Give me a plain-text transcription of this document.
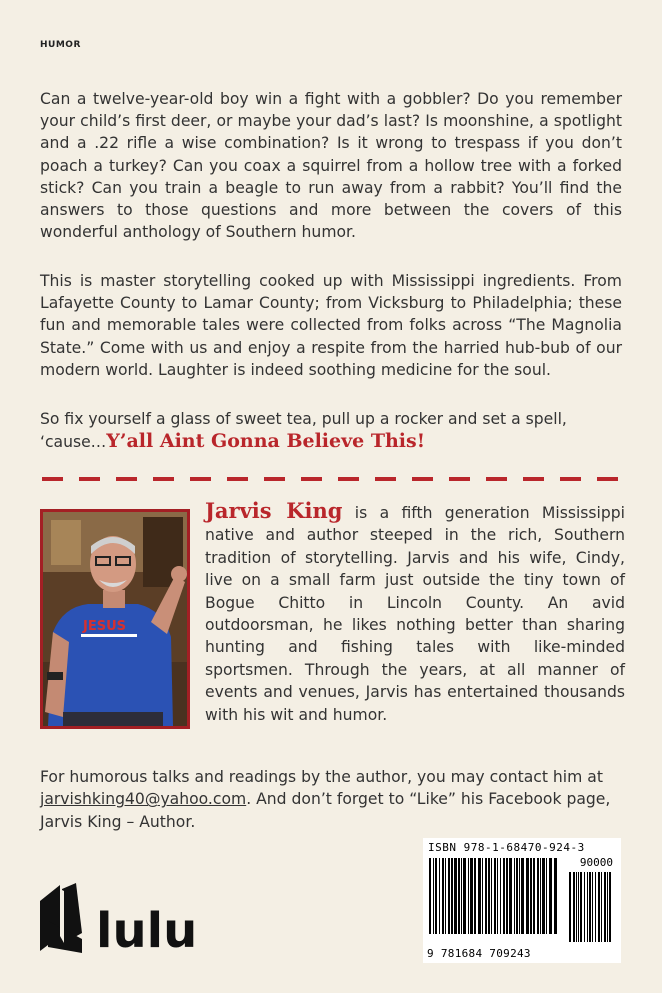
HUMOR

Can a twelve-year-old boy win a fight with a gobbler? Do you remember your child’s first deer, or maybe your dad’s last? Is moonshine, a spotlight and a .22 rifle a wise combination? Is it wrong to trespass if you don’t poach a turkey? Can you coax a squirrel from a hollow tree with a forked stick? Can you train a beagle to run away from a rabbit? You’ll find the answers to those questions and more between the covers of this wonderful anthology of Southern humor.

This is master storytelling cooked up with Mississippi ingredients. From Lafayette County to Lamar County; from Vicksburg to Philadelphia; these fun and memorable tales were collected from folks across “The Magnolia State.” Come with us and enjoy a respite from the harried hub-bub of our modern world. Laughter is indeed soothing medicine for the soul.

So fix yourself a glass of sweet tea, pull up a rocker and set a spell, ‘cause…Y’all Aint Gonna Believe This!

JESUS

Jarvis King is a fifth generation Mississippi native and author steeped in the rich, Southern tradition of storytelling. Jarvis and his wife, Cindy, live on a small farm just outside the tiny town of Bogue Chitto in Lincoln County. An avid outdoorsman, he likes nothing better than sharing hunting and fishing tales with like-minded sportsmen. Through the years, at all manner of events and venues, Jarvis has entertained thousands with his wit and humor.

For humorous talks and readings by the author, you may contact him at jarvishking40@yahoo.com. And don’t forget to “Like” his Facebook page, Jarvis King – Author.

ISBN 978-1-68470-924-3
90000
9 781684 709243
lulu
